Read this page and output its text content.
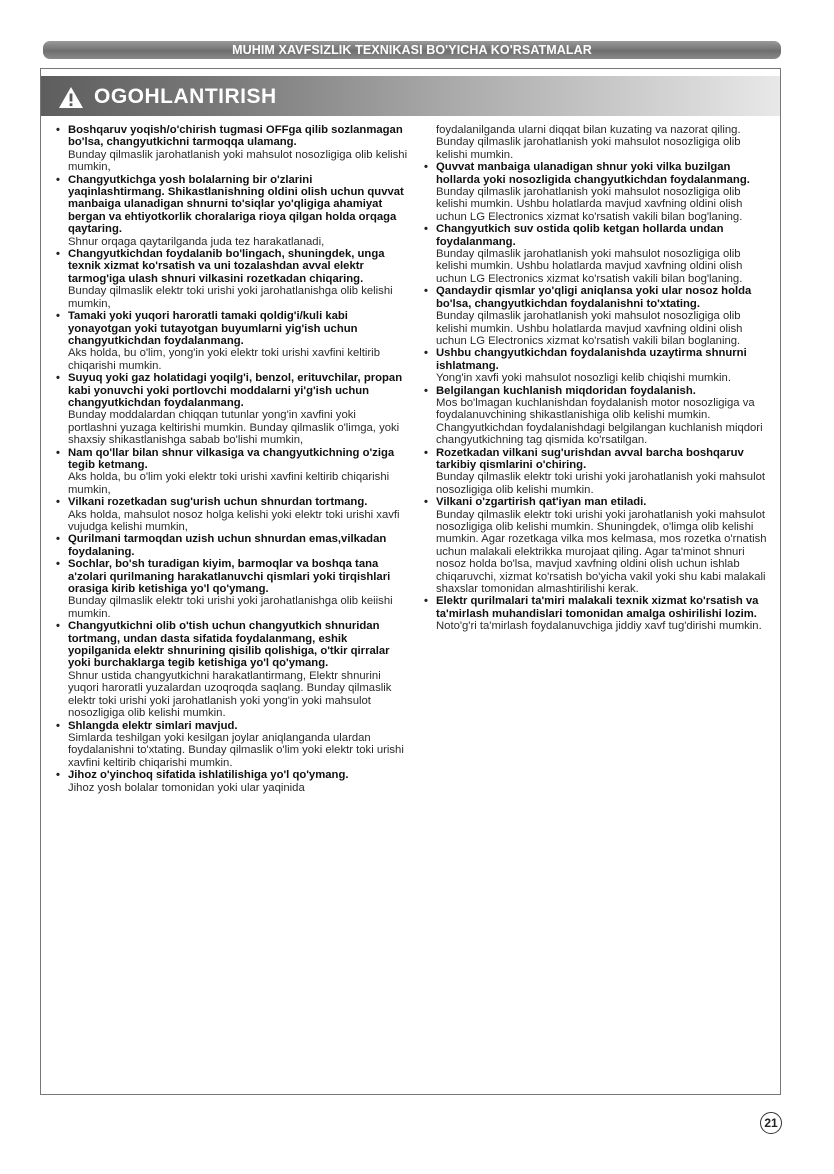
MUHIM XAVFSIZLIK TEXNIKASI BO'YICHA KO'RSATMALAR
OGOHLANTIRISH
• Boshqaruv yoqish/o'chirish tugmasi OFFga qilib sozlanmagan bo'lsa, changyutkichni tarmoqqa ulamang.
Bunday qilmaslik jarohatlanish yoki mahsulot nosozligiga olib kelishi mumkin,
• Changyutkichga yosh bolalarning bir o'zlarini yaqinlashtirmang. Shikastlanishning oldini olish uchun quvvat manbaiga ulanadigan shnurni to'siqlar yo'qligiga ahamiyat bergan va ehtiyotkorlik choralariga rioya qilgan holda orqaga qaytaring.
Shnur orqaga qaytarilganda juda tez harakatlanadi,
• Changyutkichdan foydalanib bo'lingach, shuningdek, unga texnik xizmat ko'rsatish va uni tozalashdan avval elektr tarmog'iga ulash shnuri vilkasini rozetkadan chiqaring.
Bunday qilmaslik elektr toki urishi yoki jarohatlanishga olib kelishi mumkin,
• Tamaki yoki yuqori haroratli tamaki qoldig'i/kuli kabi yonayotgan yoki tutayotgan buyumlarni yig'ish uchun changyutkichdan foydalanmang.
Aks holda, bu o'lim, yong'in yoki elektr toki urishi xavfini keltirib chiqarishi mumkin.
• Suyuq yoki gaz holatidagi yoqilg'i, benzol, erituvchilar, propan kabi yonuvchi yoki portlovchi moddalarni yi'g'ish uchun changyutkichdan foydalanmang.
Bunday moddalardan chiqqan tutunlar yong'in xavfini yoki portlashni yuzaga keltirishi mumkin. Bunday qilmaslik o'limga, yoki shaxsiy shikastlanishga sabab bo'lishi mumkin,
• Nam qo'llar bilan shnur vilkasiga va changyutkichning o'ziga tegib ketmang.
Aks holda, bu o'lim yoki elektr toki urishi xavfini keltirib chiqarishi mumkin,
• Vilkani rozetkadan sug'urish uchun shnurdan tortmang.
Aks holda, mahsulot nosoz holga kelishi yoki elektr toki urishi xavfi vujudga kelishi mumkin,
• Qurilmani tarmoqdan uzish uchun shnurdan emas,vilkadan foydalaning.
• Sochlar, bo'sh turadigan kiyim, barmoqlar va boshqa tana a'zolari qurilmaning harakatlanuvchi qismlari yoki tirqishlari orasiga kirib ketishiga yo'l qo'ymang.
Bunday qilmaslik elektr toki urishi yoki jarohatlanishga olib keiishi mumkin.
• Changyutkichni olib o'tish uchun changyutkich shnuridan tortmang, undan dasta sifatida foydalanmang, eshik yopilganida elektr shnurining qisilib qolishiga, o'tkir qirralar yoki burchaklarga tegib ketishiga yo'l qo'ymang.
Shnur ustida changyutkichni harakatlantirmang, Elektr shnurini yuqori haroratli yuzalardan uzoqroqda saqlang. Bunday qilmaslik elektr toki urishi yoki jarohatlanish yoki yong'in yoki mahsulot nosozligiga olib kelishi mumkin.
• Shlangda elektr simlari mavjud.
Simlarda teshilgan yoki kesilgan joylar aniqlanganda ulardan foydalanishni to'xtating. Bunday qilmaslik o'lim yoki elektr toki urishi xavfini keltirib chiqarishi mumkin.
• Jihoz o'yinchoq sifatida ishlatilishiga yo'l qo'ymang.
Jihoz yosh bolalar tomonidan yoki ular yaqinida
foydalanilganda ularni diqqat bilan kuzating va nazorat qiling. Bunday qilmaslik jarohatlanish yoki mahsulot nosozligiga olib kelishi mumkin.
• Quvvat manbaiga ulanadigan shnur yoki vilka buzilgan hollarda yoki nosozligida changyutkichdan foydalanmang.
Bunday qilmaslik jarohatlanish yoki mahsulot nosozligiga olib kelishi mumkin. Ushbu holatlarda mavjud xavfning oldini olish uchun LG Electronics xizmat ko'rsatish vakili bilan bog'laning.
• Changyutkich suv ostida qolib ketgan hollarda undan foydalanmang.
Bunday qilmaslik jarohatlanish yoki mahsulot nosozligiga olib kelishi mumkin. Ushbu holatlarda mavjud xavfning oldini olish uchun LG Electronics xizmat ko'rsatish vakili bilan bog'laning.
• Qandaydir qismlar yo'qligi aniqlansa yoki ular nosoz holda bo'lsa, changyutkichdan foydalanishni to'xtating.
Bunday qilmaslik jarohatlanish yoki mahsulot nosozligiga olib kelishi mumkin. Ushbu holatlarda mavjud xavfning oldini olish uchun LG Electronics xizmat ko'rsatish vakili bilan boglaning.
• Ushbu changyutkichdan foydalanishda uzaytirma shnurni ishlatmang.
Yong'in xavfi yoki mahsulot nosozligi kelib chiqishi mumkin.
• Belgilangan kuchlanish miqdoridan foydalanish.
Mos bo'lmagan kuchlanishdan foydalanish motor nosozligiga va foydalanuvchining shikastlanishiga olib kelishi mumkin. Changyutkichdan foydalanishdagi belgilangan kuchlanish miqdori changyutkichning tag qismida ko'rsatilgan.
• Rozetkadan vilkani sug'urishdan avval barcha boshqaruv tarkibiy qismlarini o'chiring.
Bunday qilmaslik elektr toki urishi yoki jarohatlanish yoki mahsulot nosozligiga olib kelishi mumkin.
• Vilkani o'zgartirish qat'iyan man etiladi.
Bunday qilmaslik elektr toki urishi yoki jarohatlanish yoki mahsulot nosozligiga olib kelishi mumkin. Shuningdek, o'limga olib kelishi mumkin. Agar rozetkaga vilka mos kelmasa, mos rozetka o'rnatish uchun malakali elektrikka murojaat qiling. Agar ta'minot shnuri nosoz holda bo'lsa, mavjud xavfning oldini olish uchun ishlab chiqaruvchi, xizmat ko'rsatish bo'yicha vakil yoki shu kabi malakali shaxslar tomonidan almashtirilishi kerak.
• Elektr qurilmalari ta'miri malakali texnik xizmat ko'rsatish va ta'mirlash muhandislari tomonidan amalga oshirilishi lozim.
Noto'g'ri ta'mirlash foydalanuvchiga jiddiy xavf tug'dirishi mumkin.
21
